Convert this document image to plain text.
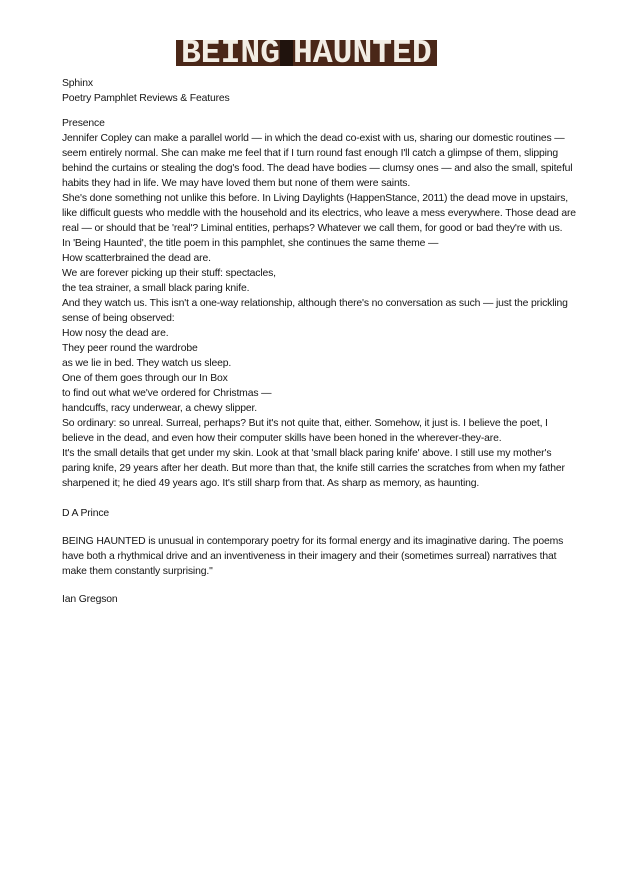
BEING HAUNTED
Sphinx
Poetry Pamphlet Reviews & Features
Presence
Jennifer Copley can make a parallel world — in which the dead co-exist with us, sharing our domestic routines —
seem entirely normal. She can make me feel that if I turn round fast enough I'll catch a glimpse of them, slipping
behind the curtains or stealing the dog's food. The dead have bodies — clumsy ones — and also the small, spiteful
habits they had in life. We may have loved them but none of them were saints.
She's done something not unlike this before. In Living Daylights (HappenStance, 2011) the dead move in upstairs,
like difficult guests who meddle with the household and its electrics, who leave a mess everywhere. Those dead are
real — or should that be 'real'? Liminal entities, perhaps? Whatever we call them, for good or bad they're with us.
In 'Being Haunted', the title poem in this pamphlet, she continues the same theme —
How scatterbrained the dead are.
We are forever picking up their stuff: spectacles,
the tea strainer, a small black paring knife.
And they watch us. This isn't a one-way relationship, although there's no conversation as such — just the prickling
sense of being observed:
How nosy the dead are.
They peer round the wardrobe
as we lie in bed. They watch us sleep.
One of them goes through our In Box
to find out what we've ordered for Christmas —
handcuffs, racy underwear, a chewy slipper.
So ordinary: so unreal. Surreal, perhaps? But it's not quite that, either. Somehow, it just is. I believe the poet, I
believe in the dead, and even how their computer skills have been honed in the wherever-they-are.
It's the small details that get under my skin. Look at that 'small black paring knife' above. I still use my mother's
paring knife, 29 years after her death. But more than that, the knife still carries the scratches from when my father
sharpened it; he died 49 years ago. It's still sharp from that. As sharp as memory, as haunting.
D A Prince
BEING HAUNTED is unusual in contemporary poetry for its formal energy and its imaginative daring. The poems
have both a rhythmical drive and an inventiveness in their imagery and their (sometimes surreal) narratives that
make them constantly surprising."
Ian Gregson
